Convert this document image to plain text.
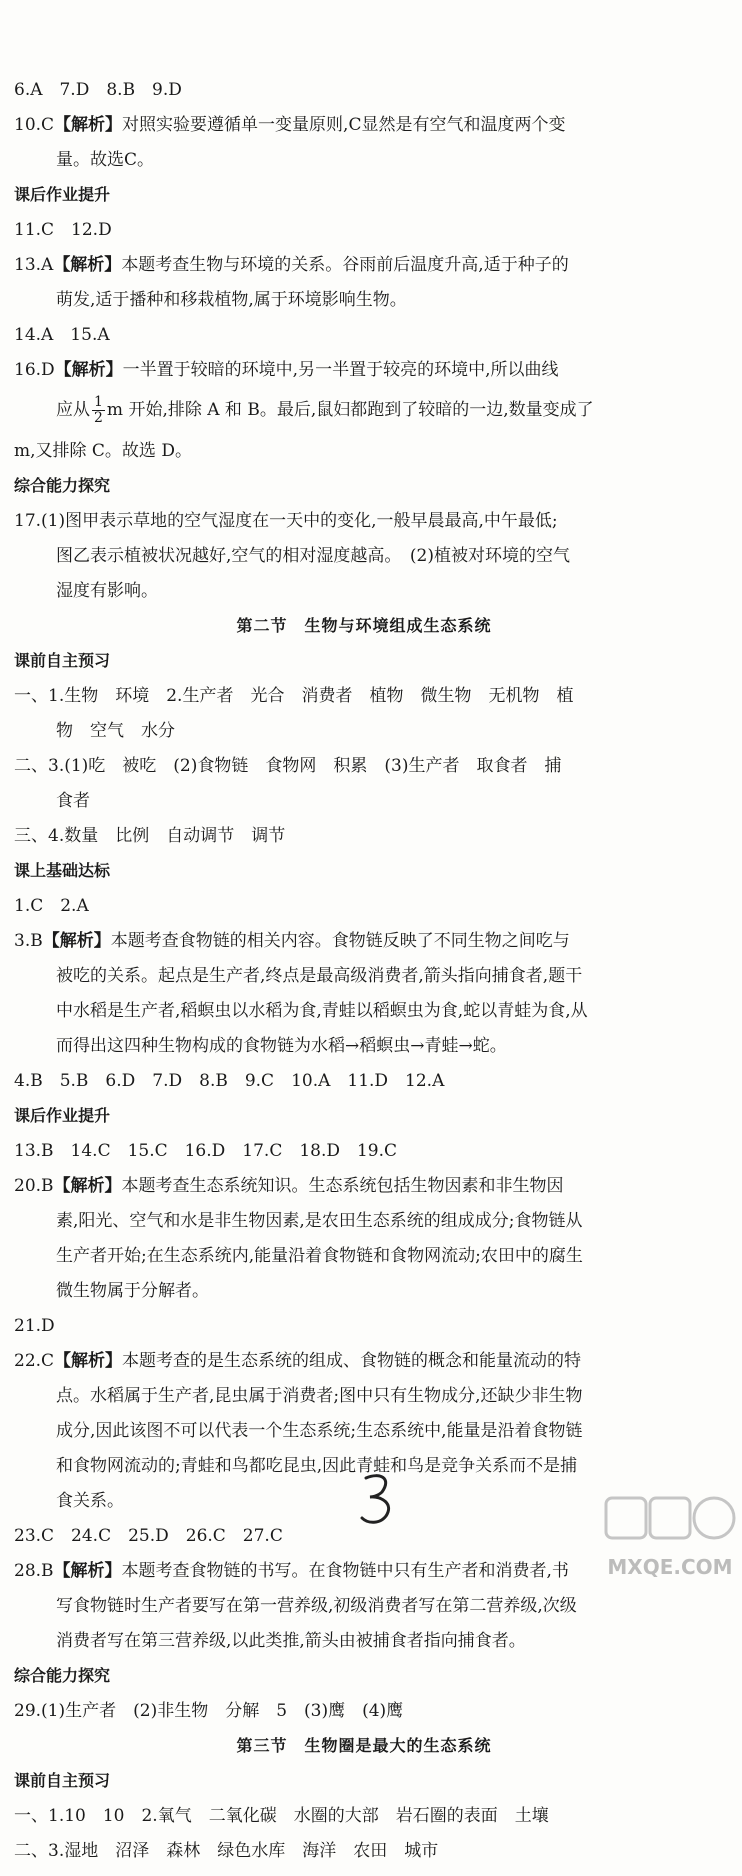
6.A　7.D　8.B　9.D
10.C【解析】对照实验要遵循单一变量原则,C显然是有空气和温度两个变
量。故选C。
课后作业提升
11.C　12.D
13.A【解析】本题考查生物与环境的关系。谷雨前后温度升高,适于种子的
萌发,适于播种和移栽植物,属于环境影响生物。
14.A　15.A
16.D【解析】一半置于较暗的环境中,另一半置于较亮的环境中,所以曲线
应从 $\frac{1}{2}$ m 开始,排除 A 和 B。最后,鼠妇都跑到了较暗的一边,数量变成了
m,又排除 C。故选 D。
综合能力探究
17.(1)图甲表示草地的空气湿度在一天中的变化,一般早晨最高,中午最低;
图乙表示植被状况越好,空气的相对湿度越高。　(2)植被对环境的空气
湿度有影响。
第二节　生物与环境组成生态系统
课前自主预习
一、1.生物　环境　2.生产者　光合　消费者　植物　微生物　无机物　植
物　空气　水分
二、3.(1)吃　被吃　(2)食物链　食物网　积累　(3)生产者　取食者　捕
食者
三、4.数量　比例　自动调节　调节
课上基础达标
1.C　2.A
3.B【解析】本题考查食物链的相关内容。食物链反映了不同生物之间吃与
被吃的关系。起点是生产者,终点是最高级消费者,箭头指向捕食者,题干
中水稻是生产者,稻螟虫以水稻为食,青蛙以稻螟虫为食,蛇以青蛙为食,从
而得出这四种生物构成的食物链为水稻→稻螟虫→青蛙→蛇。
4.B　5.B　6.D　7.D　8.B　9.C　10.A　11.D　12.A
课后作业提升
13.B　14.C　15.C　16.D　17.C　18.D　19.C
20.B【解析】本题考查生态系统知识。生态系统包括生物因素和非生物因
素,阳光、空气和水是非生物因素,是农田生态系统的组成成分;食物链从
生产者开始;在生态系统内,能量沿着食物链和食物网流动;农田中的腐生
微生物属于分解者。
21.D
22.C【解析】本题考查的是生态系统的组成、食物链的概念和能量流动的特
点。水稻属于生产者,昆虫属于消费者;图中只有生物成分,还缺少非生物
成分,因此该图不可以代表一个生态系统;生态系统中,能量是沿着食物链
和食物网流动的;青蛙和鸟都吃昆虫,因此青蛙和鸟是竞争关系而不是捕
食关系。
23.C　24.C　25.D　26.C　27.C
28.B【解析】本题考查食物链的书写。在食物链中只有生产者和消费者,书
写食物链时生产者要写在第一营养级,初级消费者写在第二营养级,次级
消费者写在第三营养级,以此类推,箭头由被捕食者指向捕食者。
综合能力探究
29.(1)生产者　(2)非生物　分解　5　(3)鹰　(4)鹰
第三节　生物圈是最大的生态系统
课前自主预习
一、1.10　10　2.氧气　二氧化碳　水圈的大部　岩石圈的表面　土壤
二、3.湿地　沼泽　森林　绿色水库　海洋　农田　城市
MXQE.COM
